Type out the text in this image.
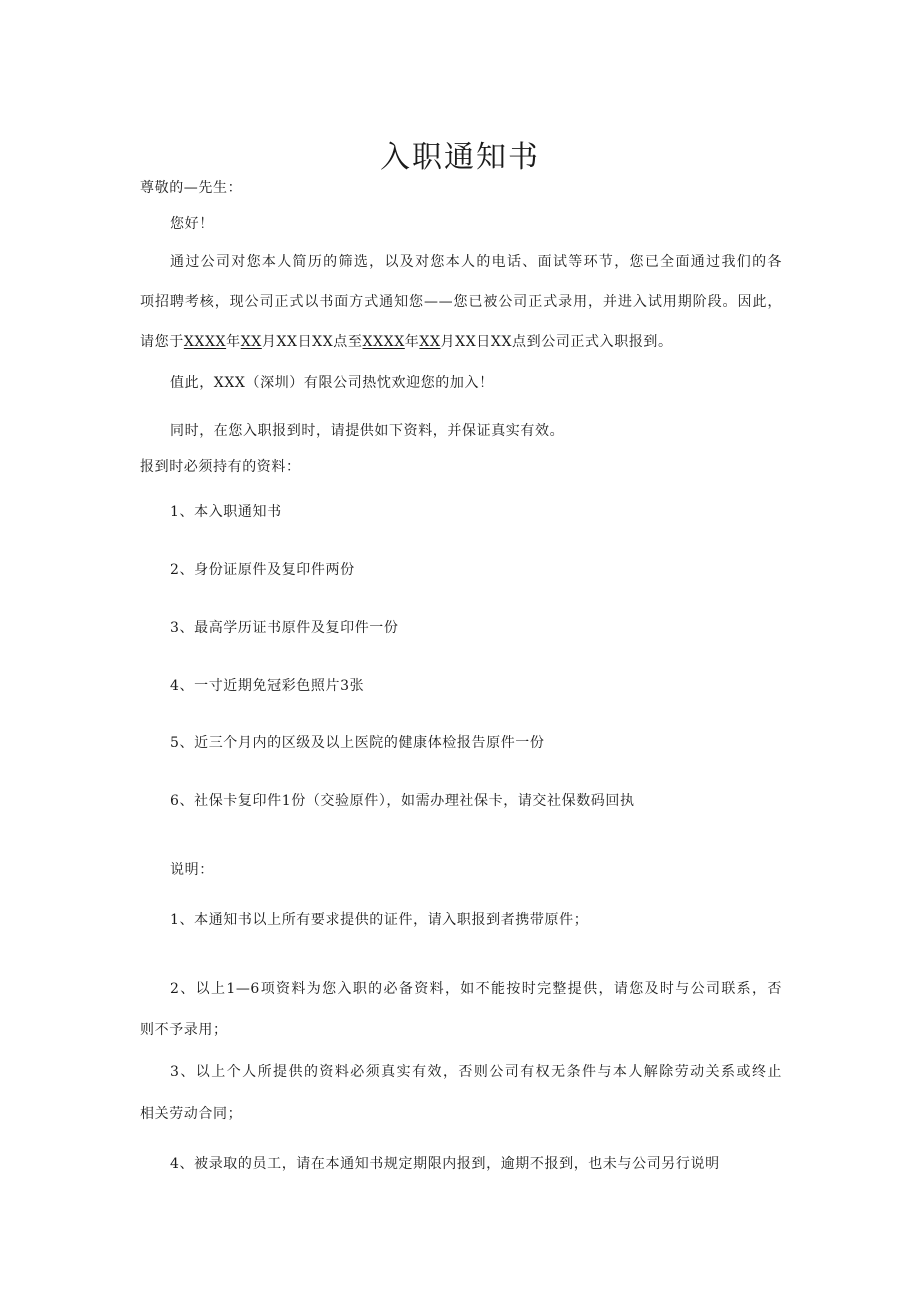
入职通知书
尊敬的—先生：
您好！
通过公司对您本人简历的筛选，以及对您本人的电话、面试等环节，您已全面通过我们的各
项招聘考核，现公司正式以书面方式通知您——您已被公司正式录用，并进入试用期阶段。因此，
请您于XXXX年XX月XX日XX点至XXXX年XX月XX日XX点到公司正式入职报到。
值此，XXX（深圳）有限公司热忱欢迎您的加入！
同时，在您入职报到时，请提供如下资料，并保证真实有效。
报到时必须持有的资料：
1、本入职通知书
2、身份证原件及复印件两份
3、最高学历证书原件及复印件一份
4、一寸近期免冠彩色照片3张
5、近三个月内的区级及以上医院的健康体检报告原件一份
6、社保卡复印件1份（交验原件），如需办理社保卡，请交社保数码回执
说明：
1、本通知书以上所有要求提供的证件，请入职报到者携带原件；
2、以上1—6项资料为您入职的必备资料，如不能按时完整提供，请您及时与公司联系，否
则不予录用；
3、以上个人所提供的资料必须真实有效，否则公司有权无条件与本人解除劳动关系或终止
相关劳动合同；
4、被录取的员工，请在本通知书规定期限内报到，逾期不报到，也未与公司另行说明
